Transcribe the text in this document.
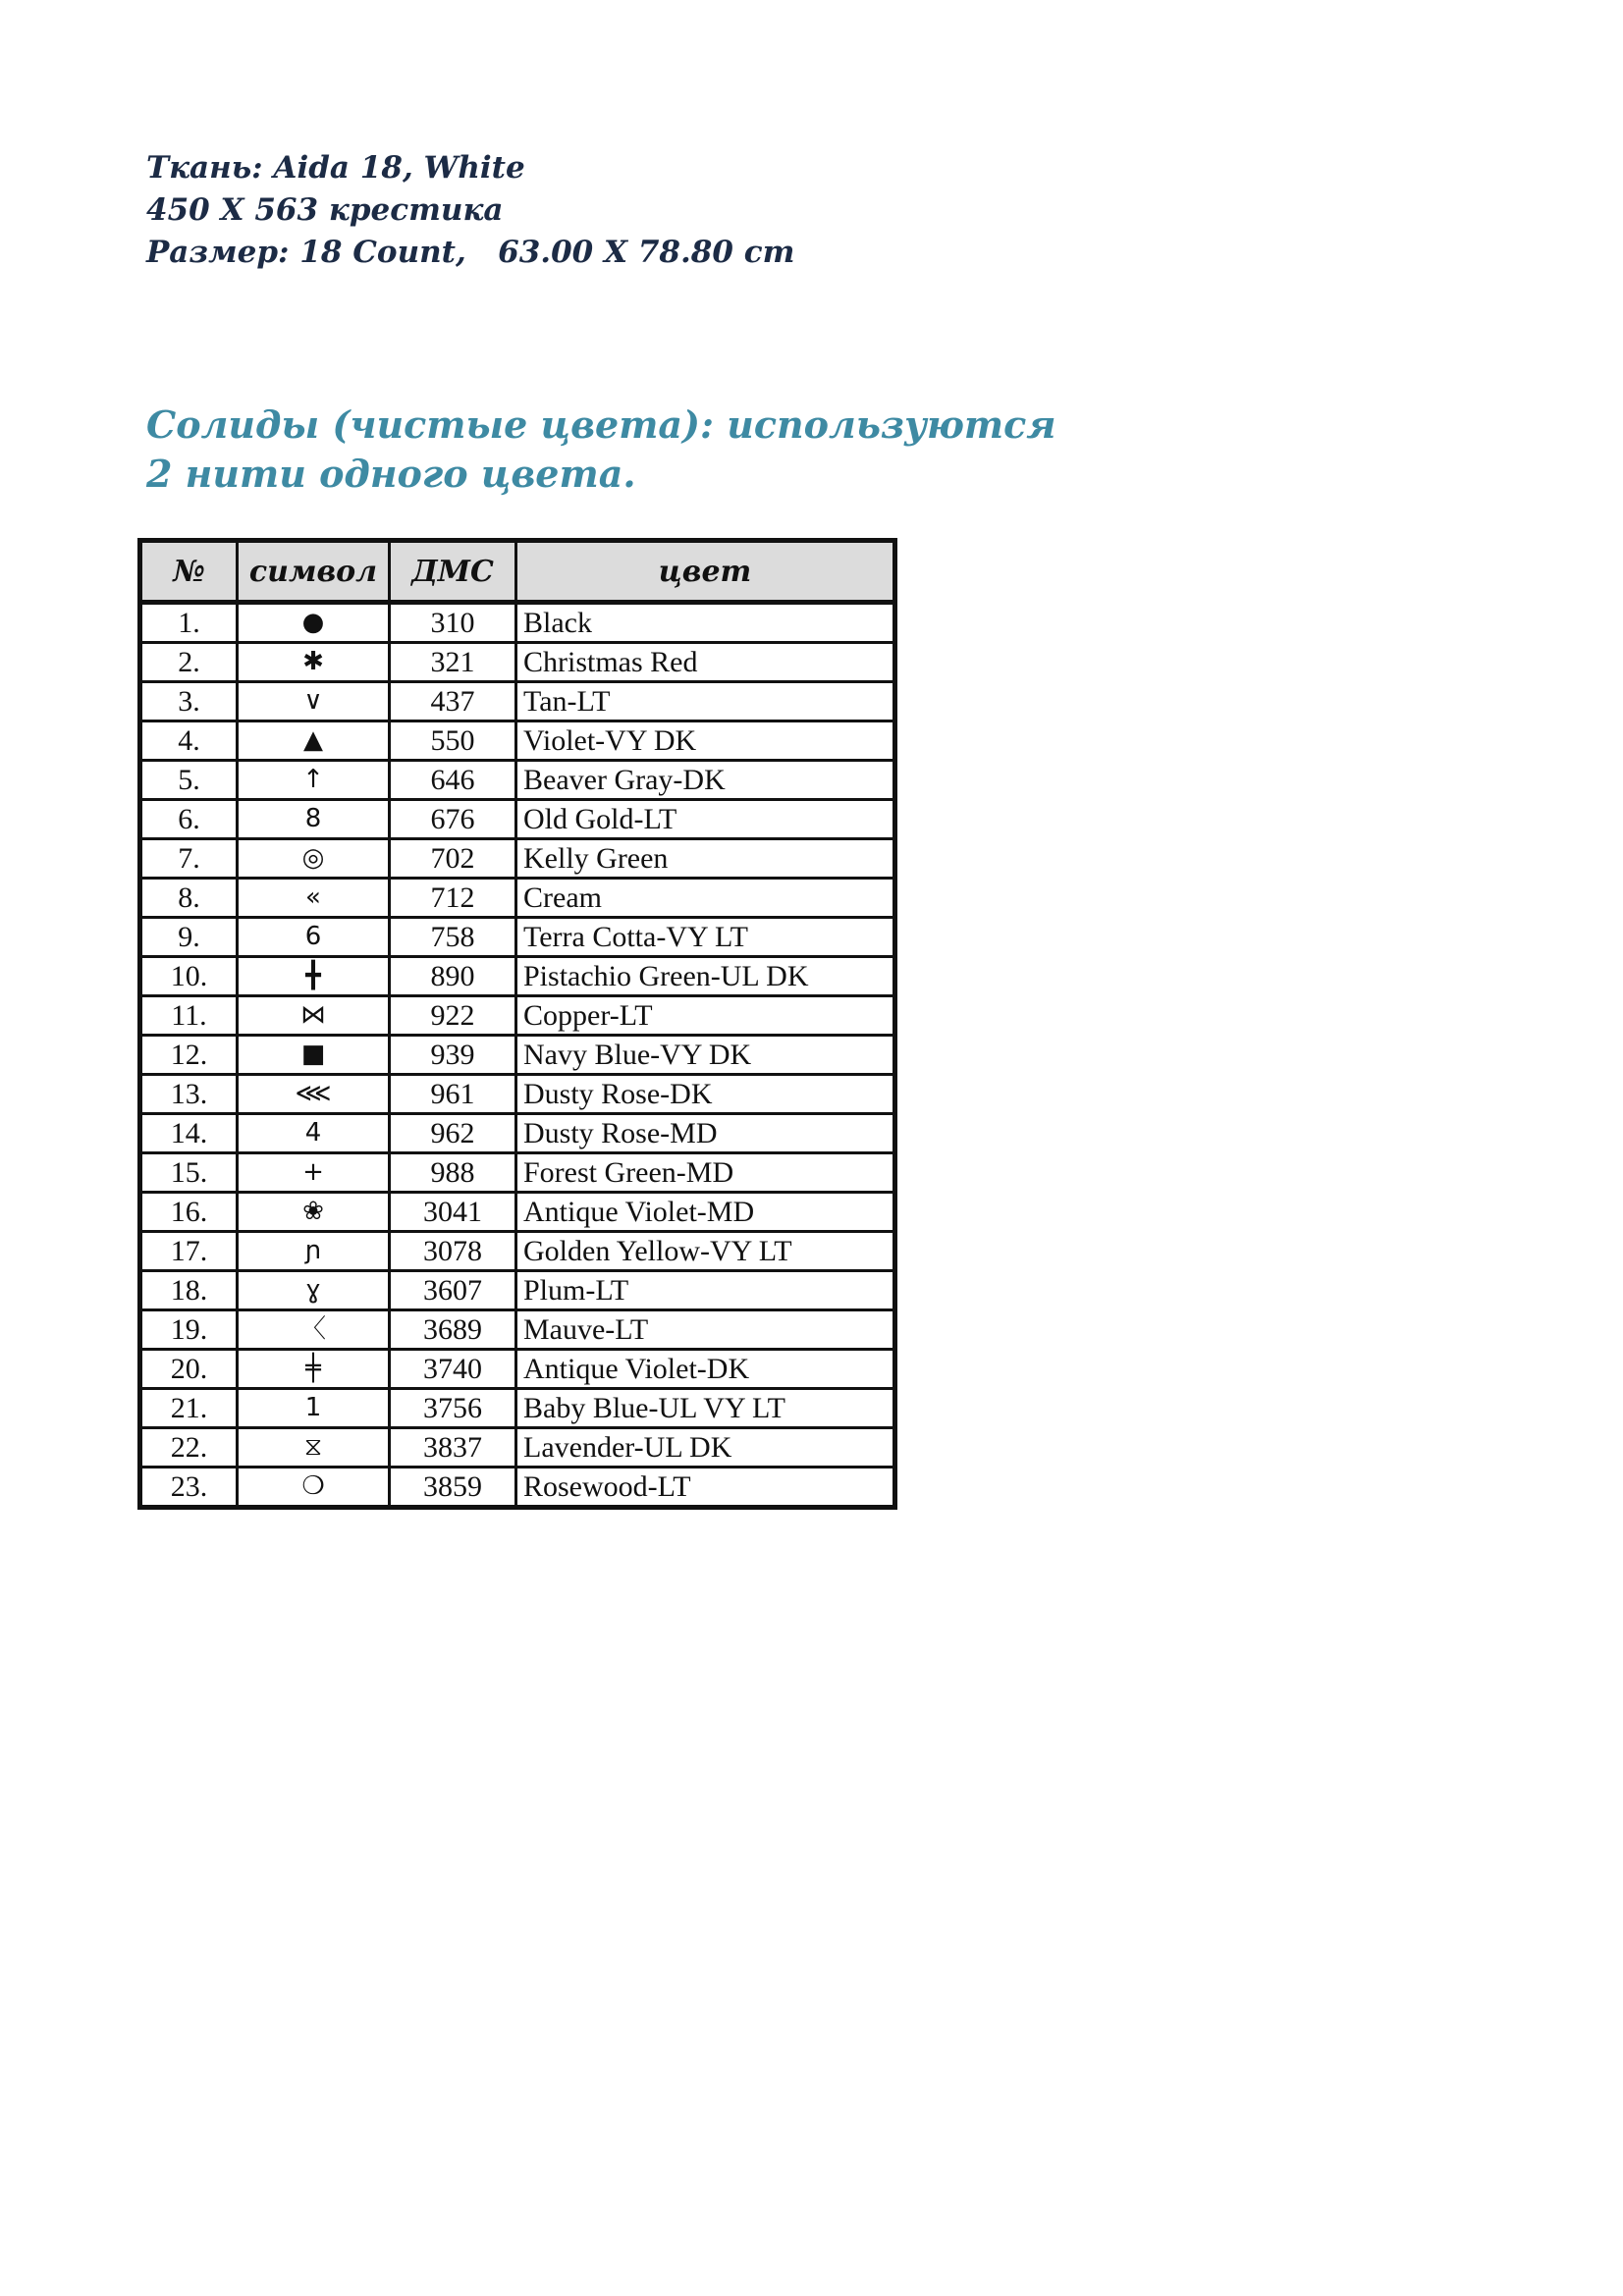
Ткань: Aida 18, White
450 X 563 крестика
Размер: 18 Count,   63.00 X 78.80 cm
Солиды (чистые цвета): используются
2 нити одного цвета.
№	символ	ДМС	цвет
1.	●	310	Black
2.	✱	321	Christmas Red
3.	∨	437	Tan-LT
4.	▲	550	Violet-VY DK
5.	↑	646	Beaver Gray-DK
6.	8	676	Old Gold-LT
7.	◎	702	Kelly Green
8.	«	712	Cream
9.	6	758	Terra Cotta-VY LT
10.	╋	890	Pistachio Green-UL DK
11.	⋈	922	Copper-LT
12.	■	939	Navy Blue-VY DK
13.	⋘	961	Dusty Rose-DK
14.	4	962	Dusty Rose-MD
15.	+	988	Forest Green-MD
16.	❀	3041	Antique Violet-MD
17.	ɲ	3078	Golden Yellow-VY LT
18.	ɣ	3607	Plum-LT
19.	〈	3689	Mauve-LT
20.	╪	3740	Antique Violet-DK
21.	1	3756	Baby Blue-UL VY LT
22.	⧖	3837	Lavender-UL DK
23.	❍	3859	Rosewood-LT
